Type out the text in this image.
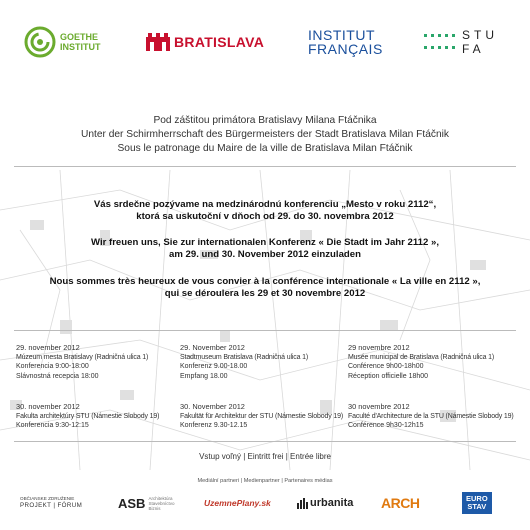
GOETHE
INSTITUT	BRATISLAVA	INSTITUT
FRANÇAIS
STU
FA
Pod záštitou primátora Bratislavy Milana Ftáčnika
Unter der Schirmherrschaft des Bürgermeisters der Stadt Bratislava Milan Ftáčnik
Sous le patronage du Maire de la ville de Bratislava Milan Ftáčnik
Vás srdečne pozývame na medzinárodnú konferenciu „Mesto v roku 2112“,
ktorá sa uskutoční v dňoch od 29. do 30. novembra 2012
Wir freuen uns, Sie zur internationalen Konferenz « Die Stadt im Jahr 2112 »,
am 29. und 30. November 2012 einzuladen
Nous sommes très heureux de vous convier à la conférence internationale « La ville en 2112 »,
qui se déroulera les 29 et 30 novembre 2012
29. november 2012
Múzeum mesta Bratislavy (Radničná ulica 1)
Konferencia 9:00-18:00
Slávnostná recepcia 18:00
29. November 2012
Stadtmuseum Bratislava (Radničná ulica 1)
Konferenz 9.00-18.00
Empfang 18.00
29 novembre 2012
Musée municipal de Bratislava (Radničná ulica 1)
Conférence 9h00-18h00
Réception officielle 18h00
30. november 2012
Fakulta architektúry STU (Námestie Slobody 19)
Konferencia 9:30-12:15
30. November 2012
Fakultät für Architektur der STU (Námestie Slobody 19)
Konferenz 9.30-12.15
30 novembre 2012
Faculté d'Architecture de la STU (Námestie Slobody 19)
Conférence 9h30-12h15
Vstup voľný | Eintritt frei | Entrée libre
Mediální partneri | Medienpartner | Partenaires médias
OBČIANSKE ZDRUŽENIE
PROJEKT | FÓRUM	ASB Architektúra Stavebníctvo Biznis	UzemnePlany.sk	urbanita ARCH	EURO
STAV
